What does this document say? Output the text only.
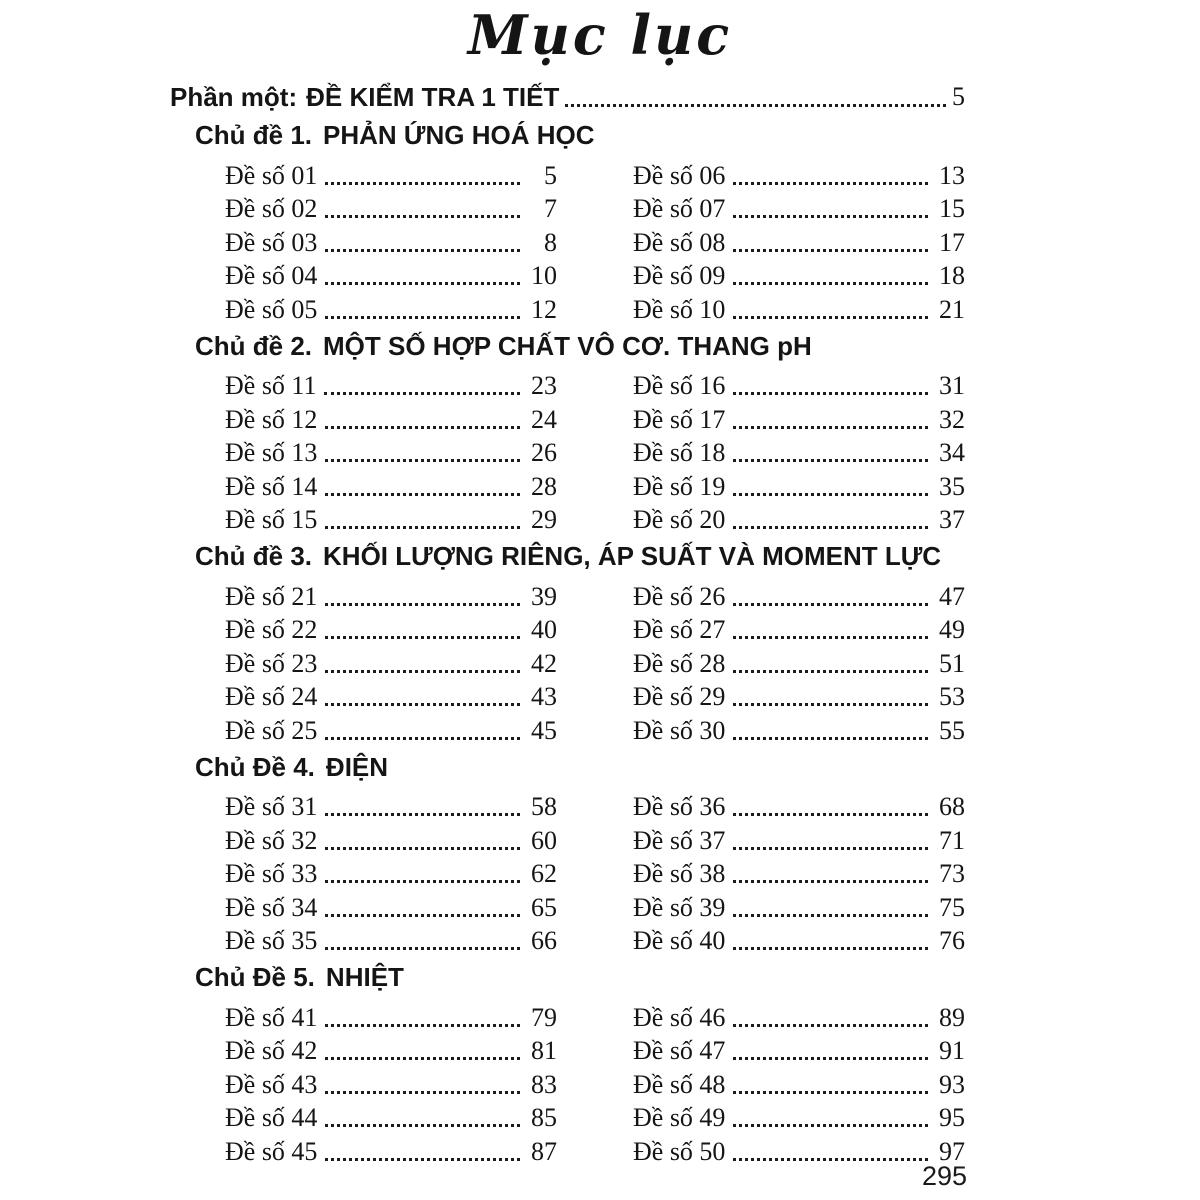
Mục lục
Phần một: ĐỀ KIỂM TRA 1 TIẾT	5
Chủ đề 1. PHẢN ỨNG HOÁ HỌC
Đề số 01	5
Đề số 02	7
Đề số 03	8
Đề số 04	10
Đề số 05	12
Đề số 06	13
Đề số 07	15
Đề số 08	17
Đề số 09	18
Đề số 10	21
Chủ đề 2. MỘT SỐ HỢP CHẤT VÔ CƠ. THANG pH
Đề số 11	23
Đề số 12	24
Đề số 13	26
Đề số 14	28
Đề số 15	29
Đề số 16	31
Đề số 17	32
Đề số 18	34
Đề số 19	35
Đề số 20	37
Chủ đề 3. KHỐI LƯỢNG RIÊNG, ÁP SUẤT VÀ MOMENT LỰC
Đề số 21	39
Đề số 22	40
Đề số 23	42
Đề số 24	43
Đề số 25	45
Đề số 26	47
Đề số 27	49
Đề số 28	51
Đề số 29	53
Đề số 30	55
Chủ Đề 4. ĐIỆN
Đề số 31	58
Đề số 32	60
Đề số 33	62
Đề số 34	65
Đề số 35	66
Đề số 36	68
Đề số 37	71
Đề số 38	73
Đề số 39	75
Đề số 40	76
Chủ Đề 5. NHIỆT
Đề số 41	79
Đề số 42	81
Đề số 43	83
Đề số 44	85
Đề số 45	87
Đề số 46	89
Đề số 47	91
Đề số 48	93
Đề số 49	95
Đề số 50	97
295
